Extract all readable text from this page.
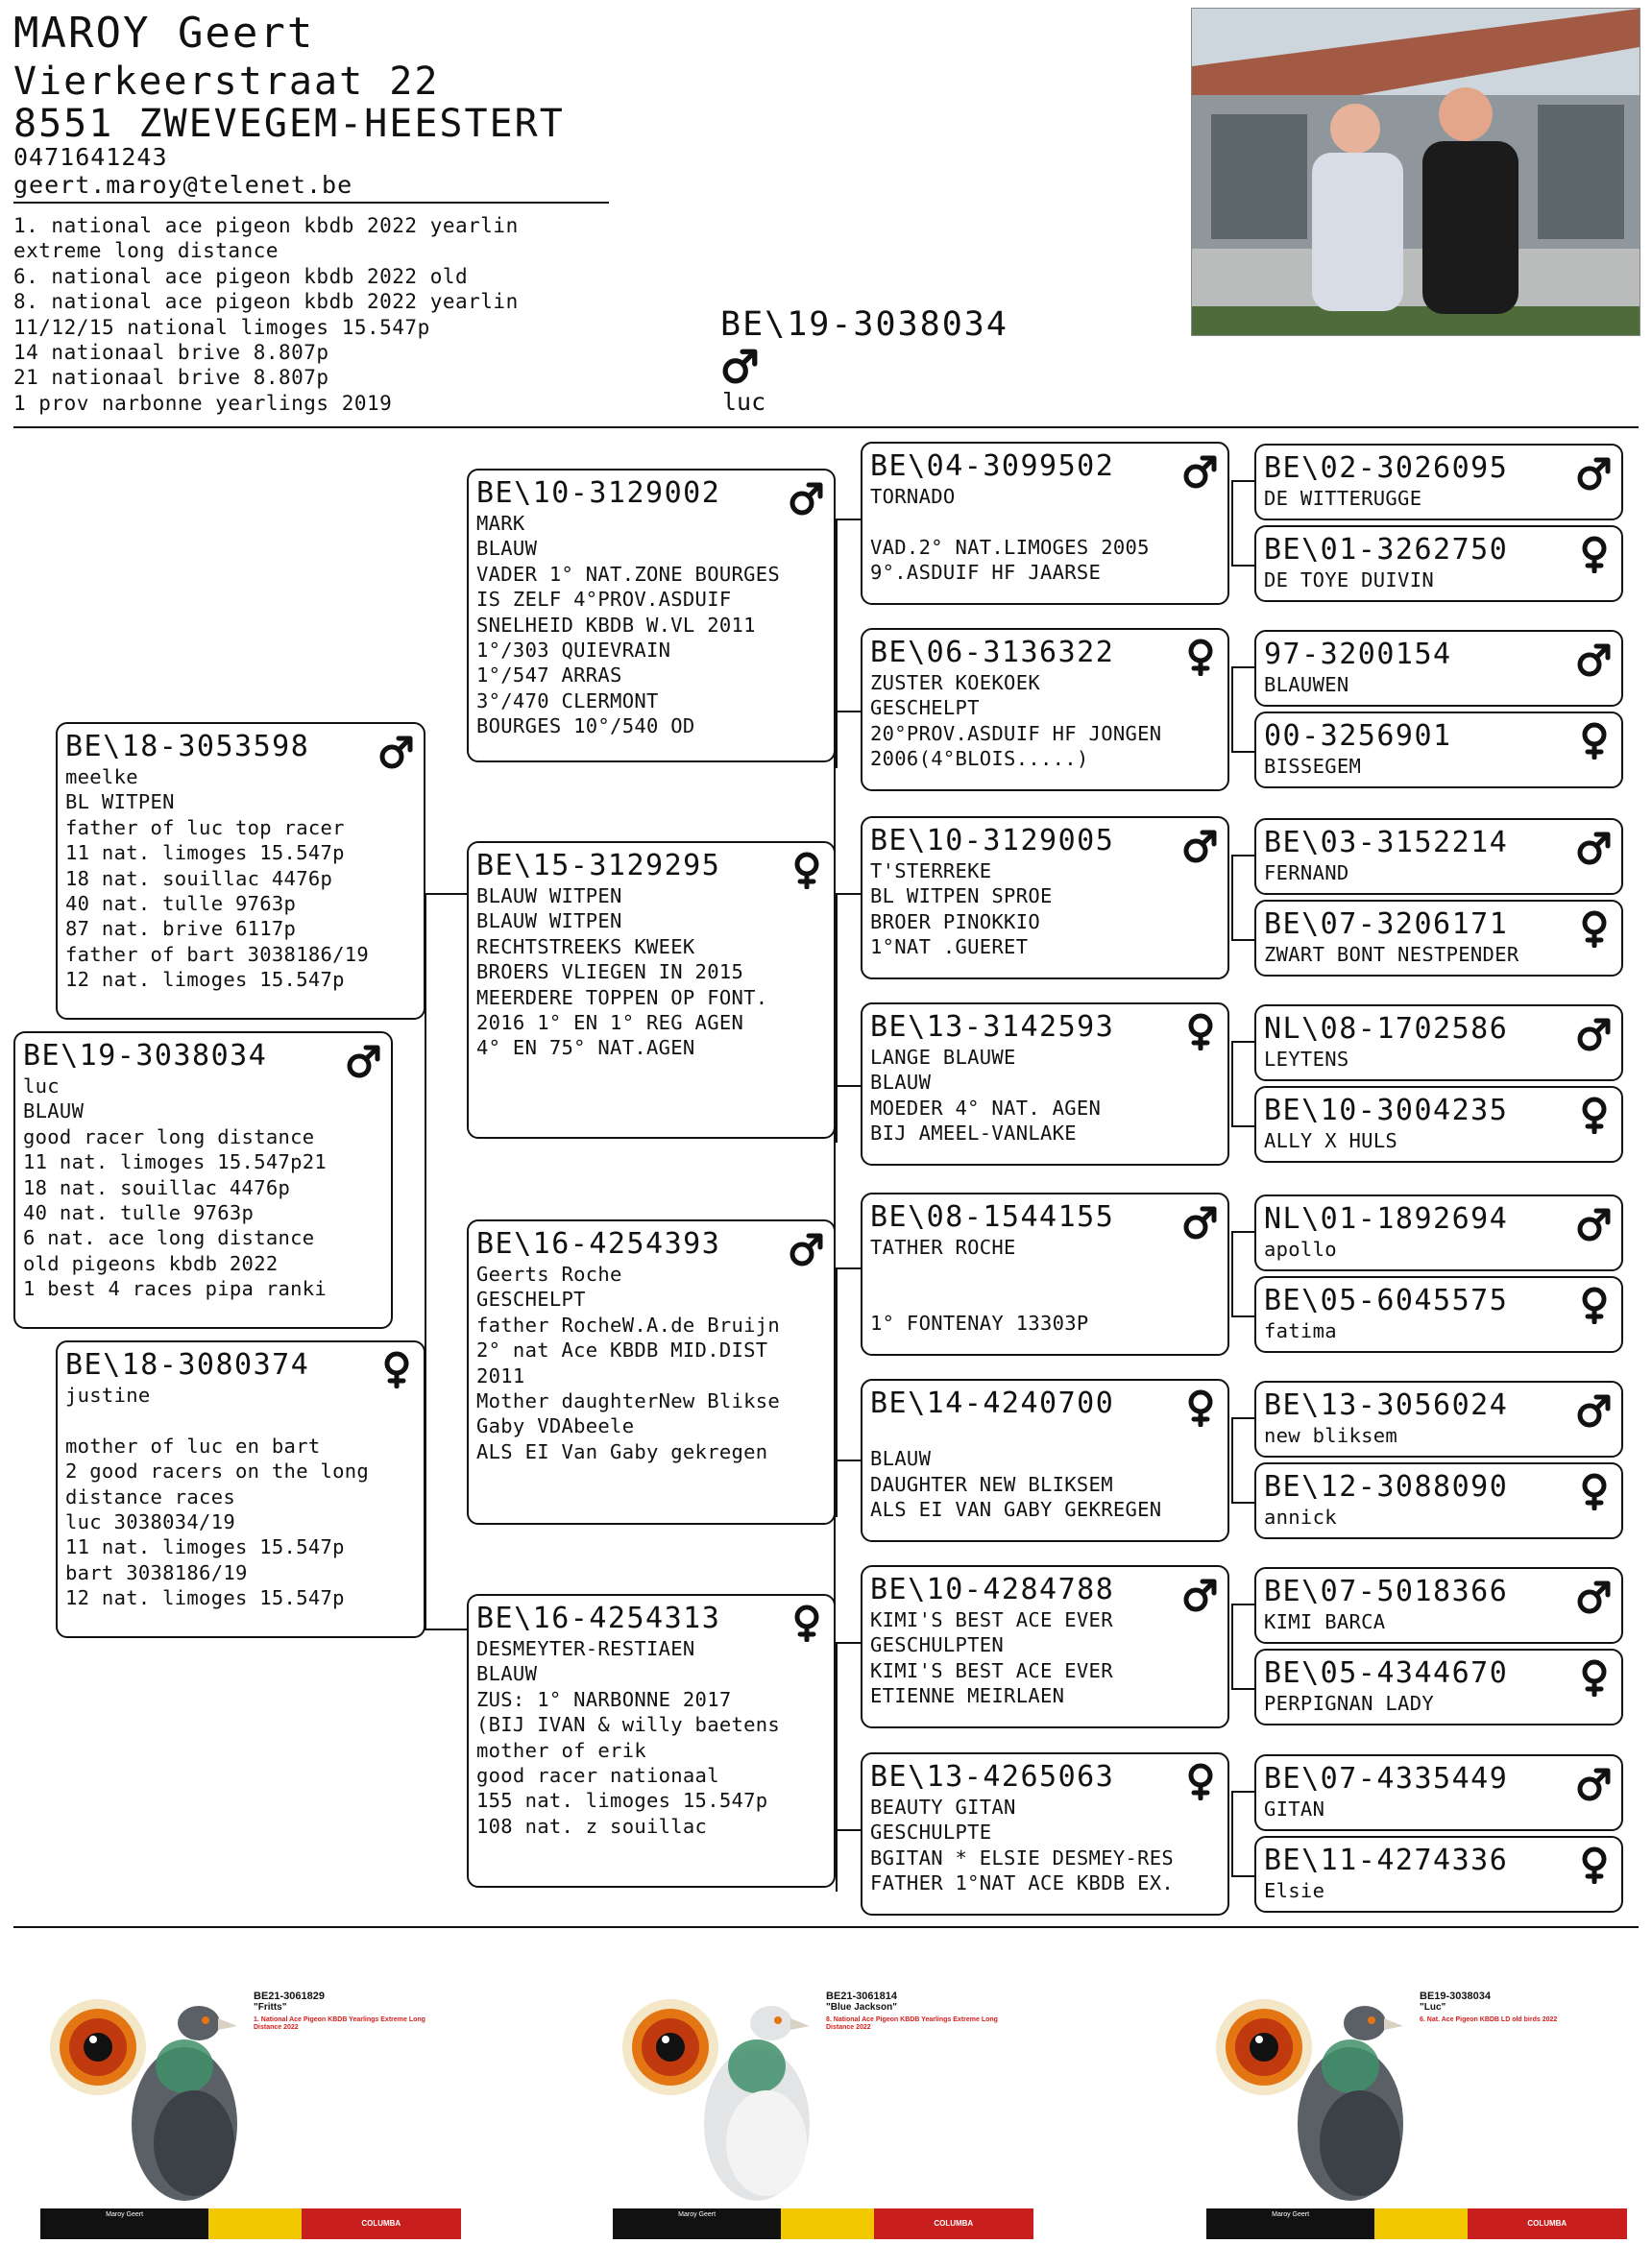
MAROY Geert
Vierkeerstraat 22
8551 ZWEVEGEM-HEESTERT
0471641243
geert.maroy@telenet.be
1. national ace pigeon kbdb 2022 yearlin
extreme long distance
6. national ace pigeon kbdb 2022 old
8. national ace pigeon kbdb 2022 yearlin
11/12/15 national limoges 15.547p
14 nationaal brive 8.807p
21 nationaal brive 8.807p
1 prov narbonne yearlings 2019
BE\19-3038034
luc
BE\18-3053598
meelke
BL WITPEN
father of luc top racer
11 nat. limoges 15.547p
18 nat. souillac 4476p
40 nat. tulle 9763p
87 nat. brive 6117p
father of bart 3038186/19
12 nat. limoges 15.547p
BE\19-3038034
luc
BLAUW
good racer long distance
11 nat. limoges 15.547p21
18 nat. souillac 4476p
40 nat. tulle 9763p
6 nat. ace long distance
old pigeons kbdb 2022
1 best 4 races pipa ranki
BE\18-3080374
justine
mother of luc en bart
2 good racers on the long
distance races
luc 3038034/19
11 nat. limoges 15.547p
bart 3038186/19
12 nat. limoges 15.547p
BE\10-3129002
MARK
BLAUW
VADER 1° NAT.ZONE BOURGES
IS ZELF 4°PROV.ASDUIF
SNELHEID KBDB W.VL 2011
1°/303 QUIEVRAIN
1°/547 ARRAS
3°/470 CLERMONT
BOURGES 10°/540 OD
BE\15-3129295
BLAUW WITPEN
BLAUW WITPEN
RECHTSTREEKS KWEEK
BROERS VLIEGEN IN 2015
MEERDERE TOPPEN OP FONT.
2016 1° EN 1° REG AGEN
4° EN 75° NAT.AGEN
BE\16-4254393
Geerts Roche
GESCHELPT
father RocheW.A.de Bruijn
2° nat Ace KBDB MID.DIST
2011
Mother daughterNew Blikse
Gaby VDAbeele
ALS EI Van Gaby gekregen
BE\16-4254313
DESMEYTER-RESTIAEN
BLAUW
ZUS: 1° NARBONNE 2017
(BIJ IVAN & willy baetens
mother of erik
good racer nationaal
155 nat. limoges 15.547p
108 nat. z souillac
BE\04-3099502
TORNADO
VAD.2° NAT.LIMOGES 2005
9°.ASDUIF HF JAARSE
BE\06-3136322
ZUSTER KOEKOEK
GESCHELPT
20°PROV.ASDUIF HF JONGEN
2006(4°BLOIS.....)
BE\10-3129005
T'STERREKE
BL WITPEN SPROE
BROER PINOKKIO
1°NAT .GUERET
BE\13-3142593
LANGE BLAUWE
BLAUW
MOEDER 4° NAT. AGEN
BIJ AMEEL-VANLAKE
BE\08-1544155
TATHER ROCHE
1° FONTENAY 13303P
BE\14-4240700
BLAUW
DAUGHTER NEW BLIKSEM
ALS EI VAN GABY GEKREGEN
BE\10-4284788
KIMI'S BEST ACE EVER
GESCHULPTEN
KIMI'S BEST ACE EVER
ETIENNE MEIRLAEN
BE\13-4265063
BEAUTY GITAN
GESCHULPTE
BGITAN * ELSIE DESMEY-RES
FATHER 1°NAT ACE KBDB EX.
BE\02-3026095
DE WITTERUGGE
BE\01-3262750
DE TOYE DUIVIN
97-3200154
BLAUWEN
00-3256901
BISSEGEM
BE\03-3152214
FERNAND
BE\07-3206171
ZWART BONT NESTPENDER
NL\08-1702586
LEYTENS
BE\10-3004235
ALLY X HULS
NL\01-1892694
apollo
BE\05-6045575
fatima
BE\13-3056024
new bliksem
BE\12-3088090
annick
BE\07-5018366
KIMI BARCA
BE\05-4344670
PERPIGNAN LADY
BE\07-4335449
GITAN
BE\11-4274336
Elsie
BE21-3061829
"Fritts"
1. National Ace Pigeon KBDB Yearlings Extreme Long Distance 2022
Maroy Geert
COLUMBA
BE21-3061814
"Blue Jackson"
8. National Ace Pigeon KBDB Yearlings Extreme Long Distance 2022
Maroy Geert
COLUMBA
BE19-3038034
"Luc"
6. Nat. Ace Pigeon KBDB LD old birds 2022
Maroy Geert
COLUMBA
